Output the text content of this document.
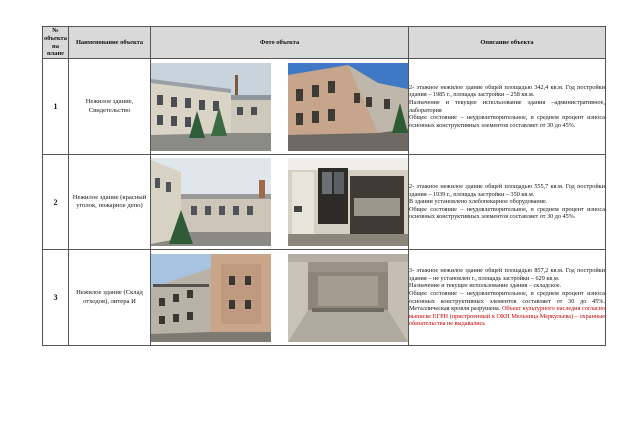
№ объекта на плане	Наименование объекта	Фото объекта	Описание объекта
1	Нежилое здание, Свидетельство		2- этажное нежилое здание общей площадью 342,4 кв.м. Год постройки здания – 1985 г., площадь застройки – 258 кв.м.

Назначение и текущее использование здания –административное, лаборатория

Общее состояние – неудовлетворительное, в среднем процент износа основных конструктивных элементов составляет от 30 до 45%.

2	Нежилое здание (красный уголок, пожарное депо)		2- этажное нежилое здание общей площадью 555,7 кв.м. Год постройки здания – 1939 г., площадь застройки – 350 кв.м.

В здании установлено хлебопекарное оборудование.

Общее состояние – неудовлетворительное, в среднем процент износа основных конструктивных элементов составляет от 30 до 45%.

3	Нежилое здание (Склад отходов), литера И		3- этажное нежилое здание общей площадью 857,2 кв.м. Год постройки здания – не установлен г., площадь застройки – 629 кв.м.

Назначение и текущее использование здания – складское.

Общее состояние – неудовлетворительное, в среднем процент износа основных конструктивных элементов составляет от 30 до 45%. Металлическая кровля разрушена. Объект культурного наследия согласно выписке ЕГРН (пристроенный к ОКН Мельница Меркульева) – охранные обязательства не выдавались
